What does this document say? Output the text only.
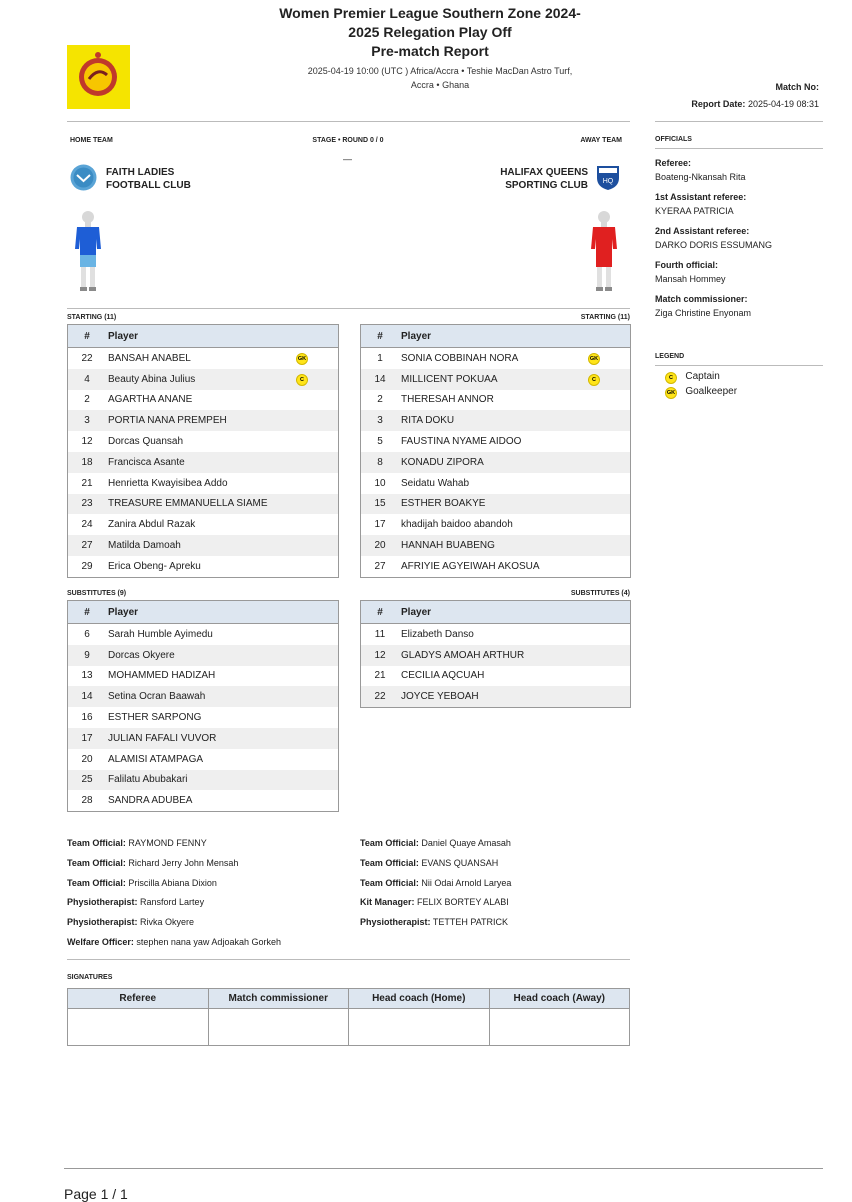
Women Premier League Southern Zone 2024-
2025 Relegation Play Off
Pre-match Report
2025-04-19 10:00 (UTC ) Africa/Accra • Teshie MacDan Astro Turf,
Accra • Ghana	Match No:
Report Date: 2025-04-19 08:31
HOME TEAM	STAGE • ROUND 0 / 0
—
AWAY TEAM
FAITH LADIES
FOOTBALL CLUB
HALIFAX QUEENS
SPORTING CLUB HQ
STARTING (11)	STARTING (11)
#	Player	
22	BANSAH ANABEL	GK
4	Beauty Abina Julius	C
2	AGARTHA ANANE	
3	PORTIA NANA PREMPEH	
12	Dorcas Quansah	
18	Francisca Asante	
21	Henrietta Kwayisibea Addo	
23	TREASURE EMMANUELLA SIAME	
24	Zanira Abdul Razak	
27	Matilda Damoah	
29	Erica Obeng- Apreku	
#	Player	
1	SONIA COBBINAH NORA	GK
14	MILLICENT POKUAA	C
2	THERESAH ANNOR	
3	RITA DOKU	
5	FAUSTINA NYAME AIDOO	
8	KONADU ZIPORA	
10	Seidatu Wahab	
15	ESTHER BOAKYE	
17	khadijah baidoo abandoh	
20	HANNAH BUABENG	
27	AFRIYIE AGYEIWAH AKOSUA	
SUBSTITUTES (9)	SUBSTITUTES (4)
#	Player
6	Sarah Humble Ayimedu
9	Dorcas Okyere
13	MOHAMMED HADIZAH
14	Setina Ocran Baawah
16	ESTHER SARPONG
17	JULIAN FAFALI VUVOR
20	ALAMISI ATAMPAGA
25	Falilatu Abubakari
28	SANDRA ADUBEA
#	Player
11	Elizabeth Danso
12	GLADYS AMOAH ARTHUR
21	CECILIA AQCUAH
22	JOYCE YEBOAH
OFFICIALS
Referee:
Boateng-Nkansah Rita
1st Assistant referee:
KYERAA PATRICIA
2nd Assistant referee:
DARKO DORIS ESSUMANG
Fourth official:
Mansah Hommey
Match commissioner:
Ziga Christine Enyonam
LEGEND
C Captain
GK Goalkeeper
Team Official: RAYMOND FENNY
Team Official: Richard Jerry John Mensah
Team Official: Priscilla Abiana Dixion
Physiotherapist: Ransford Lartey
Physiotherapist: Rivka Okyere
Welfare Officer: stephen nana yaw Adjoakah Gorkeh
Team Official: Daniel Quaye Amasah
Team Official: EVANS QUANSAH
Team Official: Nii Odai Arnold Laryea
Kit Manager: FELIX BORTEY ALABI
Physiotherapist: TETTEH PATRICK
SIGNATURES
Referee	Match commissioner	Head coach (Home)	Head coach (Away)

Page 1 / 1
